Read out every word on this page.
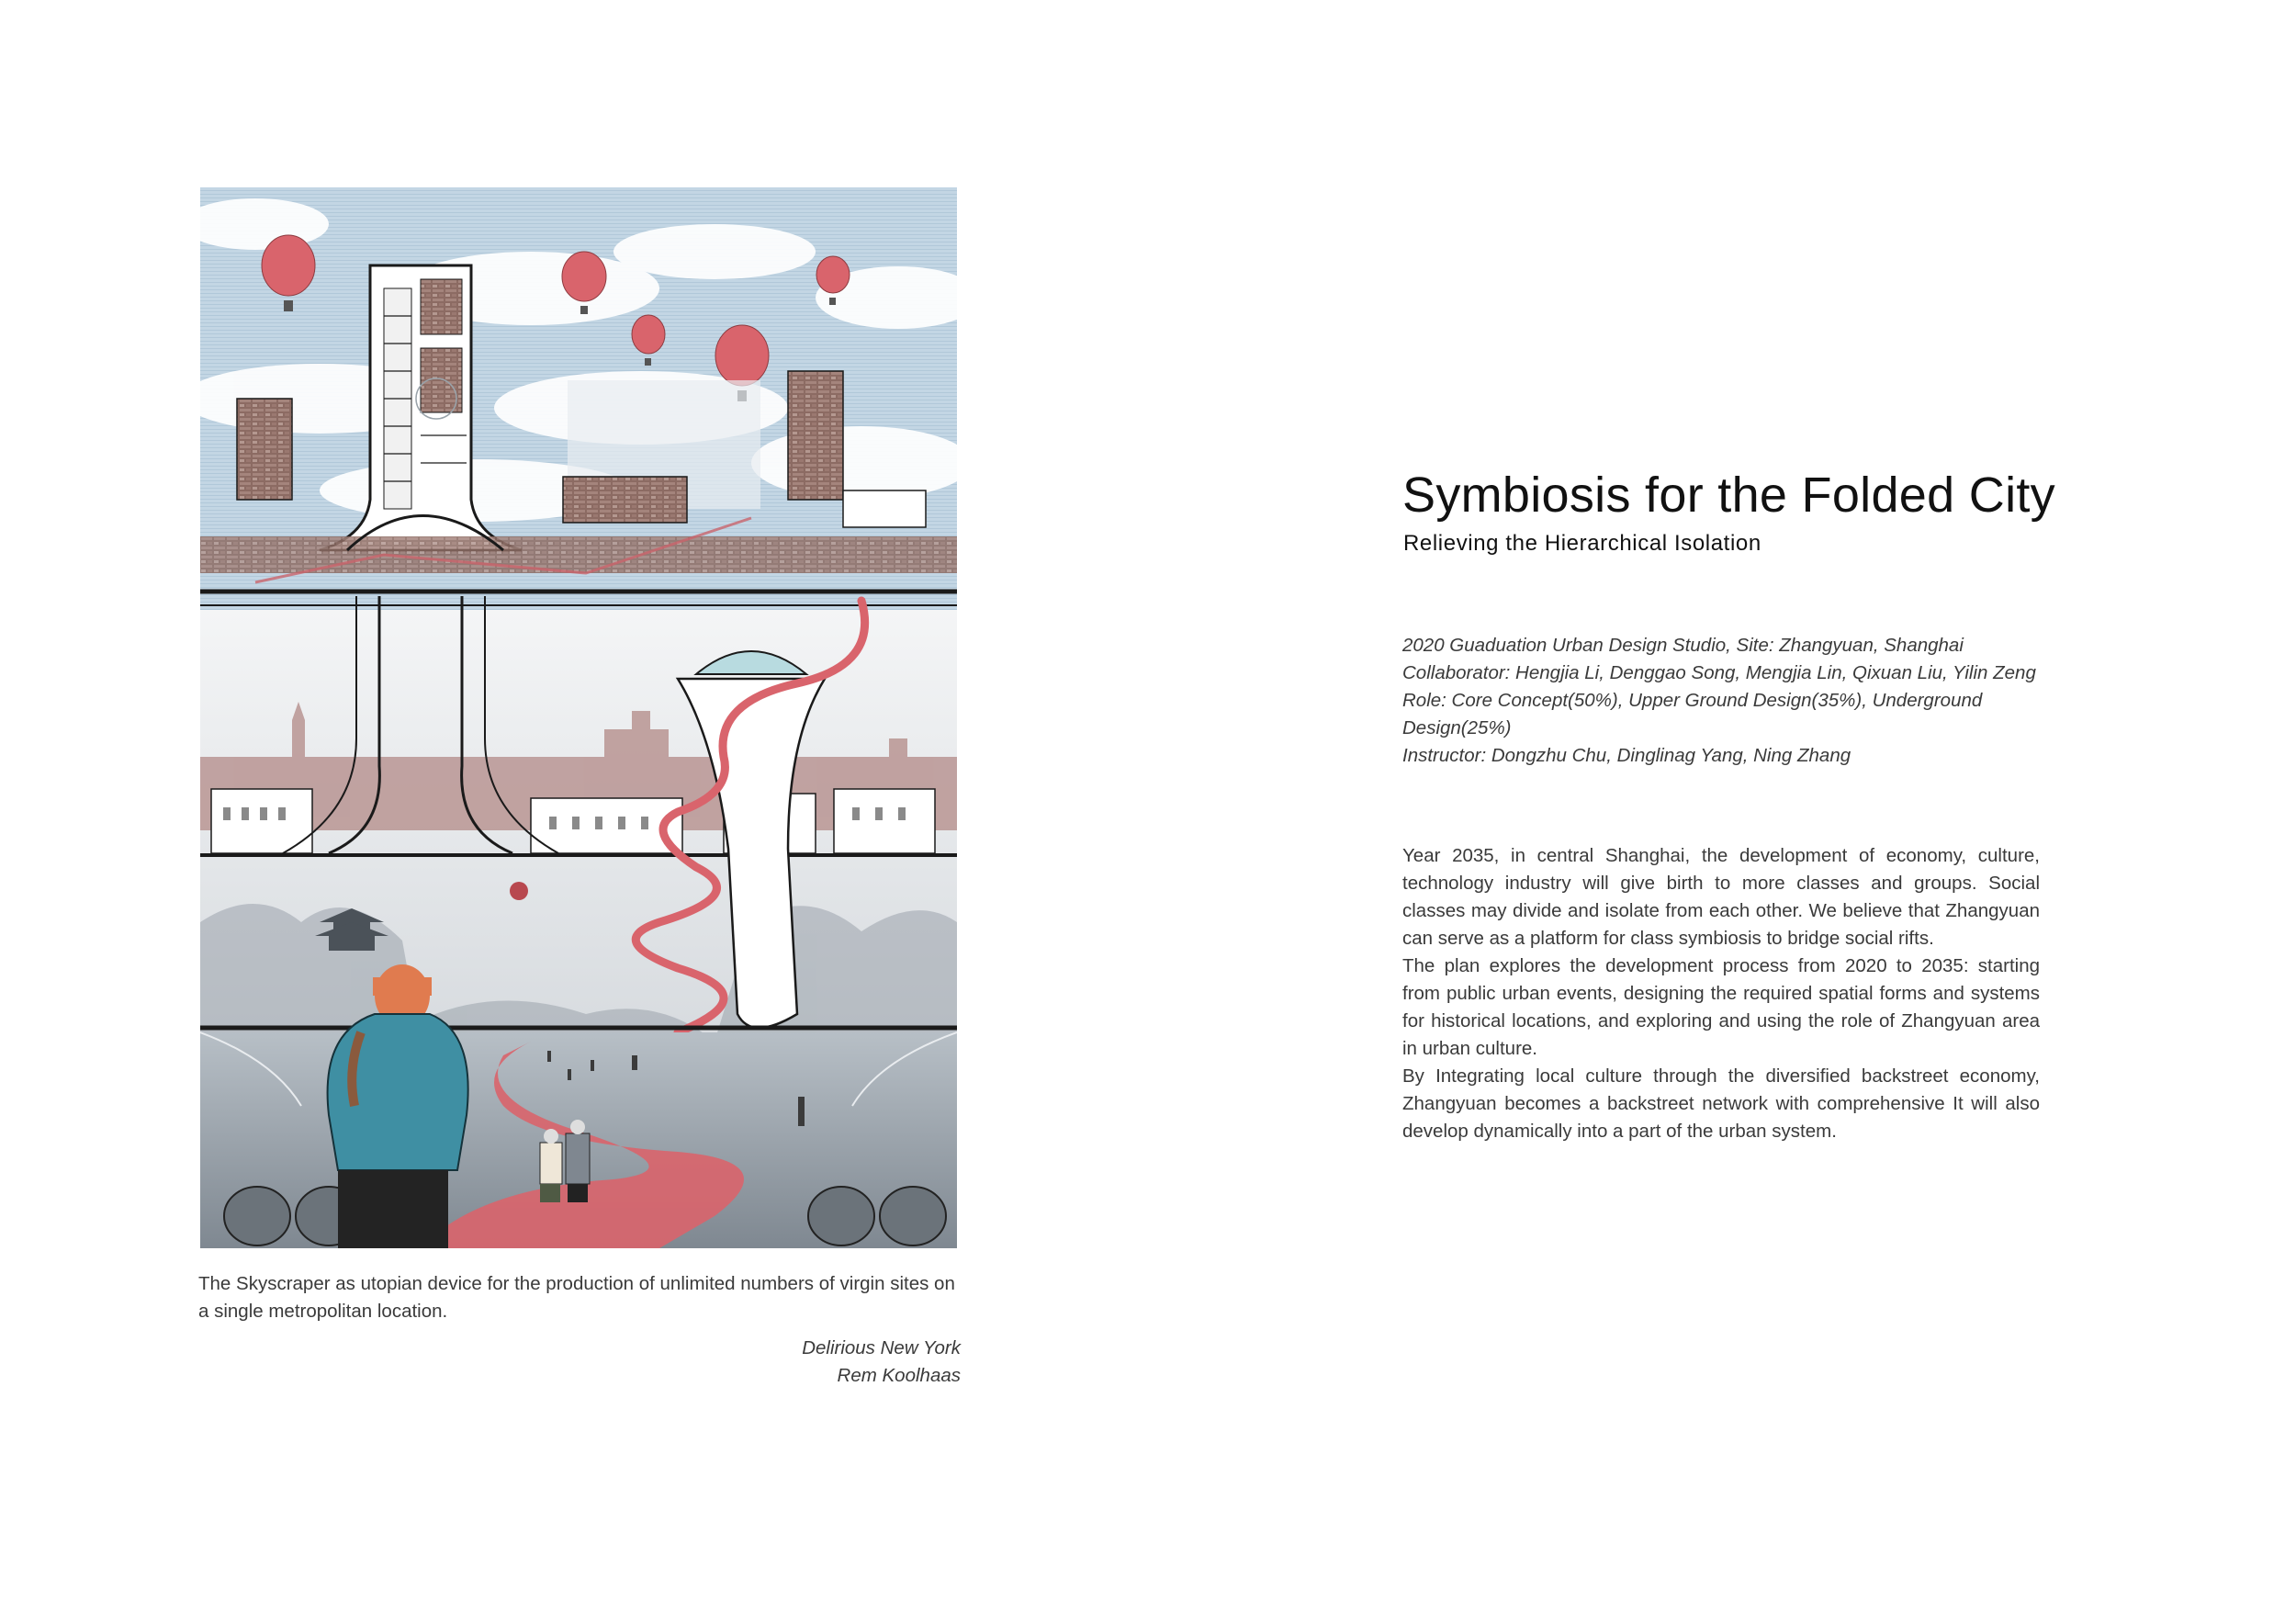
The Skyscraper as utopian device for the production of unlimited numbers of virgin sites on a single metropolitan location.
Delirious New York
Rem Koolhaas
Symbiosis for the Folded City
Relieving the Hierarchical Isolation
2020 Guaduation Urban Design Studio, Site: Zhangyuan, Shanghai
Collaborator: Hengjia Li, Denggao Song, Mengjia Lin, Qixuan Liu, Yilin Zeng
Role: Core Concept(50%), Upper Ground Design(35%), Underground
Design(25%)
Instructor: Dongzhu Chu, Dinglinag Yang, Ning Zhang

Year 2035, in central Shanghai, the development of economy, culture, technology industry will give birth to more classes and groups. Social classes may divide and isolate from each other. We believe that Zhangyuan can serve as a platform for class symbiosis to bridge social rifts.

The plan explores the development process from 2020 to 2035: starting from public urban events, designing the required spatial forms and systems for historical locations, and exploring and using the role of Zhangyuan area in urban culture.

By Integrating local culture through the diversified backstreet economy, Zhangyuan becomes a backstreet network with comprehensive It will also develop dynamically into a part of the urban system.
